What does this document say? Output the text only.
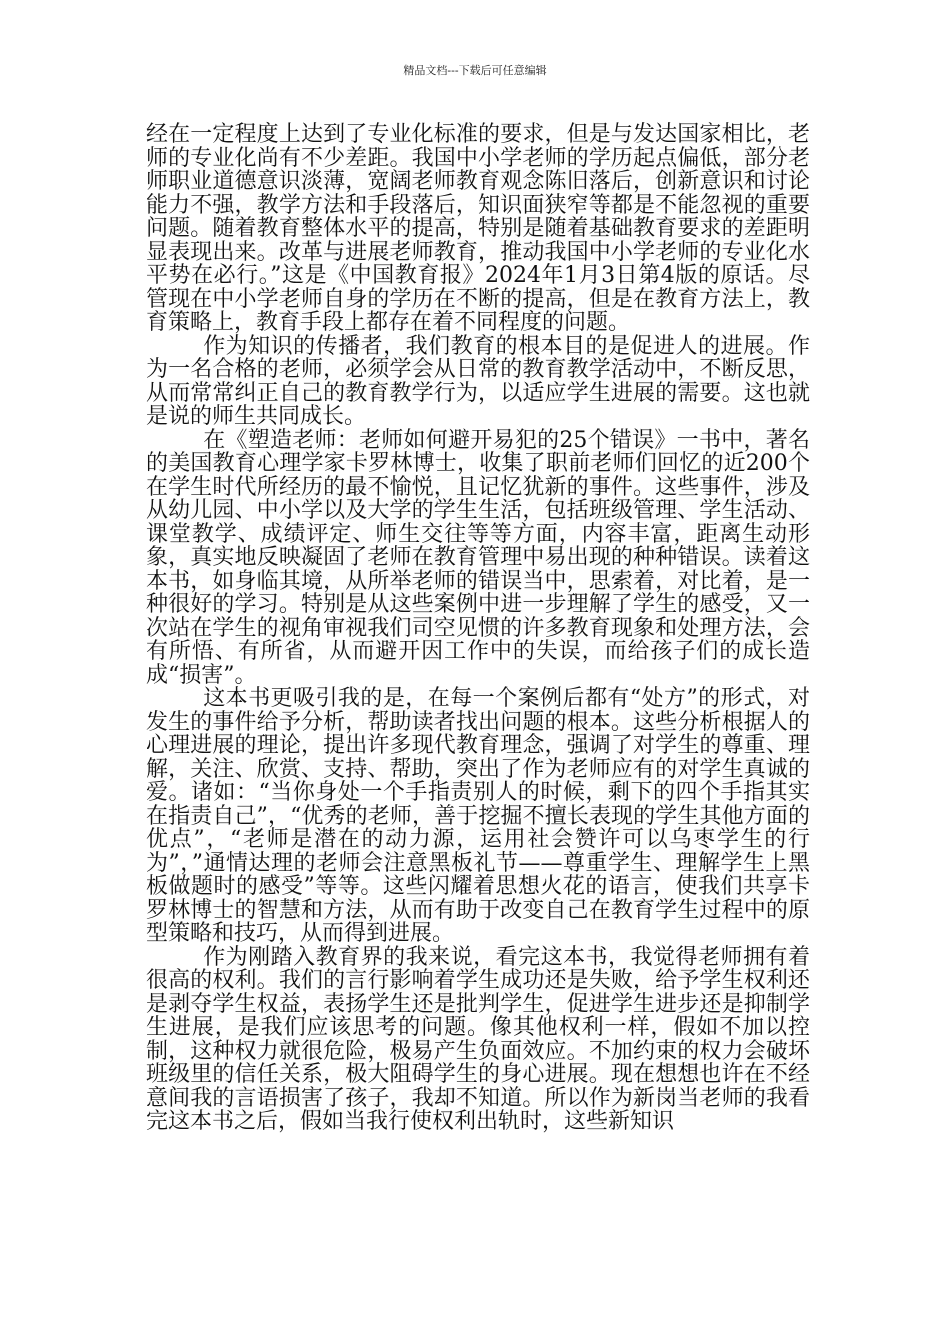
精品文档---下载后可任意编辑

经在一定程度上达到了专业化标准的要求，但是与发达国家相比，老师的专业化尚有不少差距。我国中小学老师的学历起点偏低，部分老师职业道德意识淡薄，宽阔老师教育观念陈旧落后，创新意识和讨论能力不强，教学方法和手段落后，知识面狭窄等都是不能忽视的重要问题。随着教育整体水平的提高，特别是随着基础教育要求的差距明显表现出来。改革与进展老师教育，推动我国中小学老师的专业化水平势在必行。”这是《中国教育报》2024年1月3日第4版的原话。尽管现在中小学老师自身的学历在不断的提高，但是在教育方法上，教育策略上，教育手段上都存在着不同程度的问题。

作为知识的传播者，我们教育的根本目的是促进人的进展。作为一名合格的老师，必须学会从日常的教育教学活动中，不断反思，从而常常纠正自己的教育教学行为，以适应学生进展的需要。这也就是说的师生共同成长。

在《塑造老师：老师如何避开易犯的25个错误》一书中，著名的美国教育心理学家卡罗林博士，收集了职前老师们回忆的近200个在学生时代所经历的最不愉悦，且记忆犹新的事件。这些事件，涉及从幼儿园、中小学以及大学的学生生活，包括班级管理、学生活动、课堂教学、成绩评定、师生交往等等方面，内容丰富，距离生动形象，真实地反映凝固了老师在教育管理中易出现的种种错误。读着这本书，如身临其境，从所举老师的错误当中，思索着，对比着，是一种很好的学习。特别是从这些案例中进一步理解了学生的感受，又一次站在学生的视角审视我们司空见惯的许多教育现象和处理方法，会有所悟、有所省，从而避开因工作中的失误，而给孩子们的成长造成“损害”。

这本书更吸引我的是，在每一个案例后都有“处方”的形式，对发生的事件给予分析，帮助读者找出问题的根本。这些分析根据人的心理进展的理论，提出许多现代教育理念，强调了对学生的尊重、理解，关注、欣赏、支持、帮助，突出了作为老师应有的对学生真诚的爱。诸如：“当你身处一个手指责别人的时候，剩下的四个手指其实在指责自己”，“优秀的老师，善于挖掘不擅长表现的学生其他方面的优点”，“老师是潜在的动力源，运用社会赞许可以乌枣学生的行为”，”通情达理的老师会注意黑板礼节——尊重学生、理解学生上黑板做题时的感受”等等。这些闪耀着思想火花的语言，使我们共享卡罗林博士的智慧和方法，从而有助于改变自己在教育学生过程中的原型策略和技巧，从而得到进展。

作为刚踏入教育界的我来说，看完这本书，我觉得老师拥有着很高的权利。我们的言行影响着学生成功还是失败，给予学生权利还是剥夺学生权益，表扬学生还是批判学生，促进学生进步还是抑制学生进展，是我们应该思考的问题。像其他权利一样，假如不加以控制，这种权力就很危险，极易产生负面效应。不加约束的权力会破坏班级里的信任关系，极大阻碍学生的身心进展。现在想想也许在不经意间我的言语损害了孩子，我却不知道。所以作为新岗当老师的我看完这本书之后，假如当我行使权利出轨时，这些新知识
